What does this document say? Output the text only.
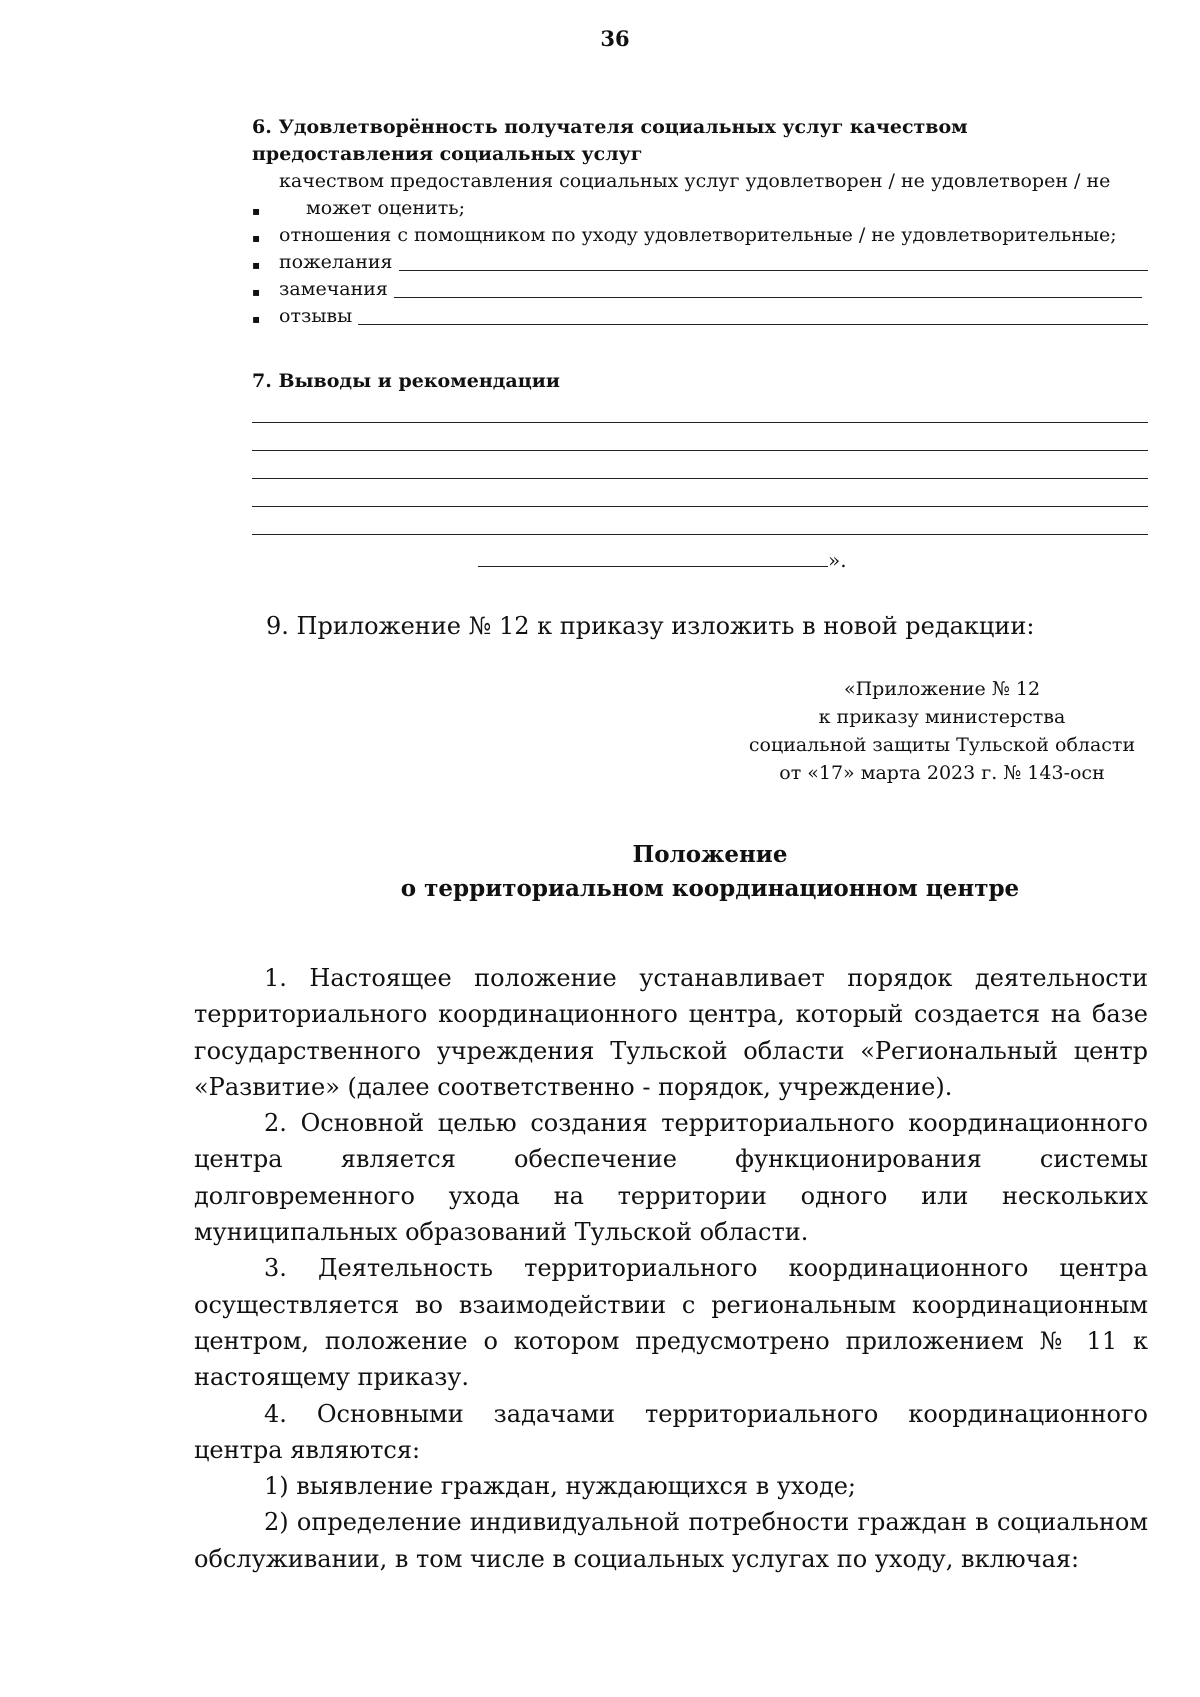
36
6. Удовлетворённость получателя социальных услуг качеством предоставления социальных услуг
▪
качеством предоставления социальных услуг удовлетворен / не удовлетворен / не может оценить;
▪ отношения с помощником по уходу удовлетворительные / не удовлетворительные;
▪ пожелания
▪ замечания
▪ отзывы
7. Выводы и рекомендации
».
9. Приложение № 12 к приказу изложить в новой редакции:
«Приложение № 12
к приказу министерства
социальной защиты Тульской области
от «17» марта 2023 г. № 143-осн
Положение
о территориальном координационном центре

1. Настоящее положение устанавливает порядок деятельности территориального координационного центра, который создается на базе государственного учреждения Тульской области «Региональный центр «Развитие» (далее соответственно - порядок, учреждение).

2. Основной целью создания территориального координационного центра является обеспечение функционирования системы долговременного ухода на территории одного или нескольких муниципальных образований Тульской области.

3. Деятельность территориального координационного центра осуществляется во взаимодействии с региональным координационным центром, положение о котором предусмотрено приложением № 11 к настоящему приказу.

4. Основными задачами территориального координационного центра являются:

1) выявление граждан, нуждающихся в уходе;

2) определение индивидуальной потребности граждан в социальном обслуживании, в том числе в социальных услугах по уходу, включая:
